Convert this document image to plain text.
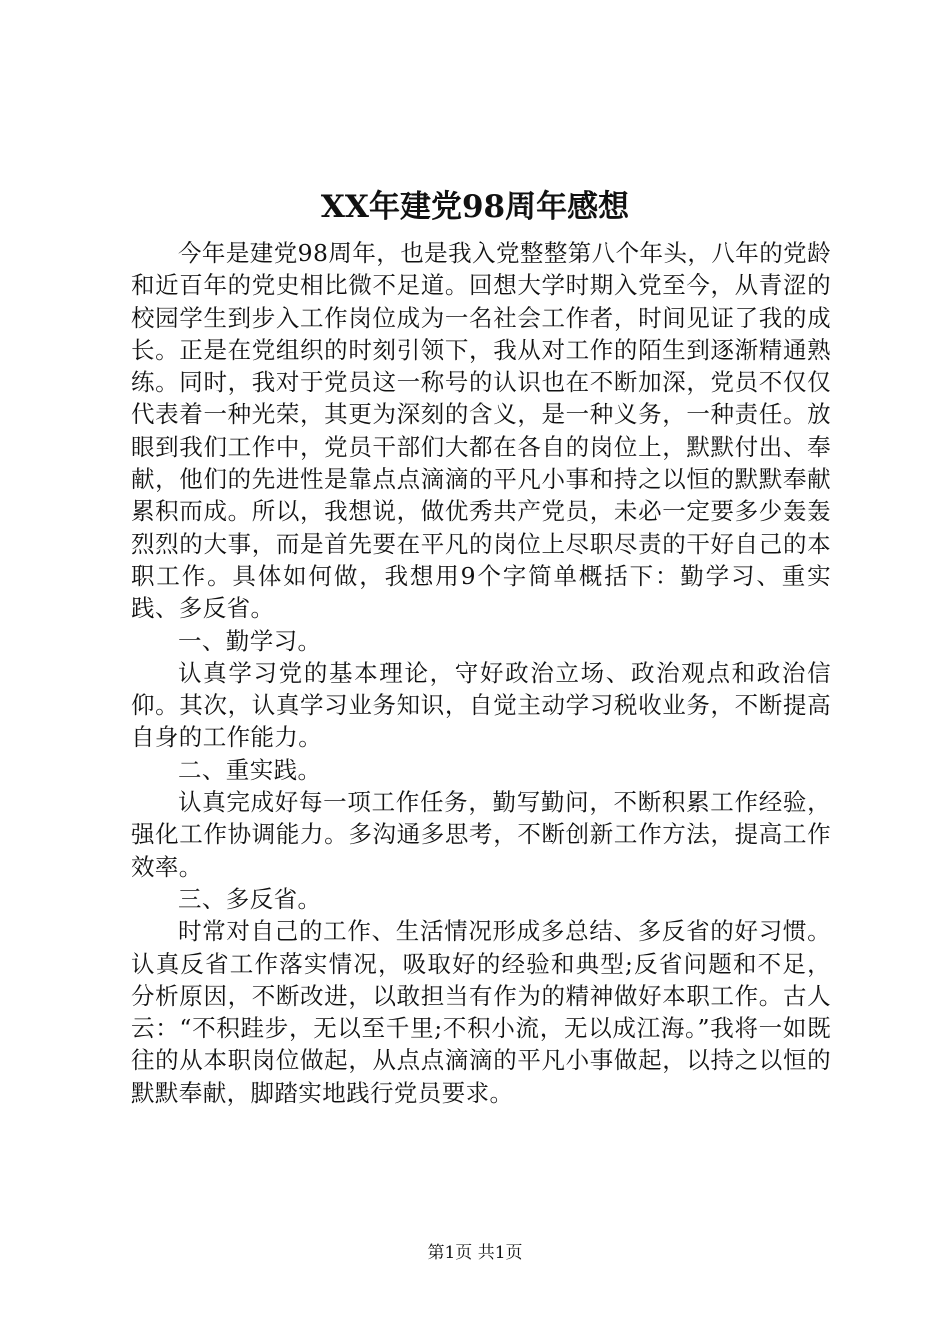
XX年建党98周年感想

今年是建党98周年，也是我入党整整第八个年头，八年的党龄和近百年的党史相比微不足道。回想大学时期入党至今，从青涩的校园学生到步入工作岗位成为一名社会工作者，时间见证了我的成长。正是在党组织的时刻引领下，我从对工作的陌生到逐渐精通熟练。同时，我对于党员这一称号的认识也在不断加深，党员不仅仅代表着一种光荣，其更为深刻的含义，是一种义务，一种责任。放眼到我们工作中，党员干部们大都在各自的岗位上，默默付出、奉献，他们的先进性是靠点点滴滴的平凡小事和持之以恒的默默奉献累积而成。所以，我想说，做优秀共产党员，未必一定要多少轰轰烈烈的大事，而是首先要在平凡的岗位上尽职尽责的干好自己的本职工作。具体如何做，我想用9个字简单概括下：勤学习、重实践、多反省。

一、勤学习。

认真学习党的基本理论，守好政治立场、政治观点和政治信仰。其次，认真学习业务知识，自觉主动学习税收业务，不断提高自身的工作能力。

二、重实践。

认真完成好每一项工作任务，勤写勤问，不断积累工作经验，强化工作协调能力。多沟通多思考，不断创新工作方法，提高工作效率。

三、多反省。

时常对自己的工作、生活情况形成多总结、多反省的好习惯。认真反省工作落实情况，吸取好的经验和典型;反省问题和不足，分析原因，不断改进，以敢担当有作为的精神做好本职工作。古人云：“不积跬步，无以至千里;不积小流，无以成江海。”我将一如既往的从本职岗位做起，从点点滴滴的平凡小事做起，以持之以恒的默默奉献，脚踏实地践行党员要求。

第1页 共1页
